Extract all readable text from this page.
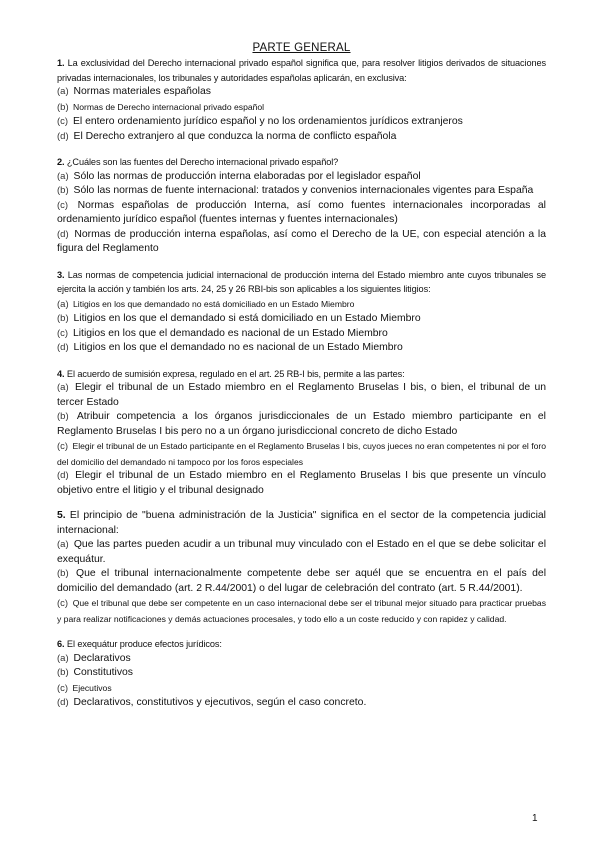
PARTE GENERAL
1. La exclusividad del Derecho internacional privado español significa que, para resolver litigios derivados de situaciones privadas internacionales, los tribunales y autoridades españolas aplicarán, en exclusiva:
(a) Normas materiales españolas
(b) Normas de Derecho internacional privado español
(c) El entero ordenamiento jurídico español y no los ordenamientos jurídicos extranjeros
(d) El Derecho extranjero al que conduzca la norma de conflicto española
2. ¿Cuáles son las fuentes del Derecho internacional privado español?
(a) Sólo las normas de producción interna elaboradas por el legislador español
(b) Sólo las normas de fuente internacional: tratados y convenios internacionales vigentes para España
(c) Normas españolas de producción Interna, así como fuentes internacionales incorporadas al ordenamiento jurídico español (fuentes internas y fuentes internacionales)
(d) Normas de producción interna españolas, así como el Derecho de la UE, con especial atención a la figura del Reglamento
3. Las normas de competencia judicial internacional de producción interna del Estado miembro ante cuyos tribunales se ejercita la acción y también los arts. 24, 25 y 26 RBI-bis son aplicables a los siguientes litigios:
(a) Litigios en los que demandado no está domiciliado en un Estado Miembro
(b) Litigios en los que el demandado si está domiciliado en un Estado Miembro
(c) Litigios en los que el demandado es nacional de un Estado Miembro
(d) Litigios en los que el demandado no es nacional de un Estado Miembro
4. El acuerdo de sumisión expresa, regulado en el art. 25 RB-I bis, permite a las partes:
(a) Elegir el tribunal de un Estado miembro en el Reglamento Bruselas I bis, o bien, el tribunal de un tercer Estado
(b) Atribuir competencia a los órganos jurisdiccionales de un Estado miembro participante en el Reglamento Bruselas I bis pero no a un órgano jurisdiccional concreto de dicho Estado
(c) Elegir el tribunal de un Estado participante en el Reglamento Bruselas I bis, cuyos jueces no eran competentes ni por el foro del domicilio del demandado ni tampoco por los foros especiales
(d) Elegir el tribunal de un Estado miembro en el Reglamento Bruselas I bis que presente un vínculo objetivo entre el litigio y el tribunal designado
5. El principio de "buena administración de la Justicia" significa en el sector de la competencia judicial internacional:
(a) Que las partes pueden acudir a un tribunal muy vinculado con el Estado en el que se debe solicitar el exequátur.
(b) Que el tribunal internacionalmente competente debe ser aquél que se encuentra en el país del domicilio del demandado (art. 2 R.44/2001) o del lugar de celebración del contrato (art. 5 R.44/2001).
(c) Que el tribunal que debe ser competente en un caso internacional debe ser el tribunal mejor situado para practicar pruebas y para realizar notificaciones y demás actuaciones procesales, y todo ello a un coste reducido y con rapidez y calidad.
6. El exequátur produce efectos jurídicos:
(a) Declarativos
(b) Constitutivos
(c) Ejecutivos
(d) Declarativos, constitutivos y ejecutivos, según el caso concreto.
1
